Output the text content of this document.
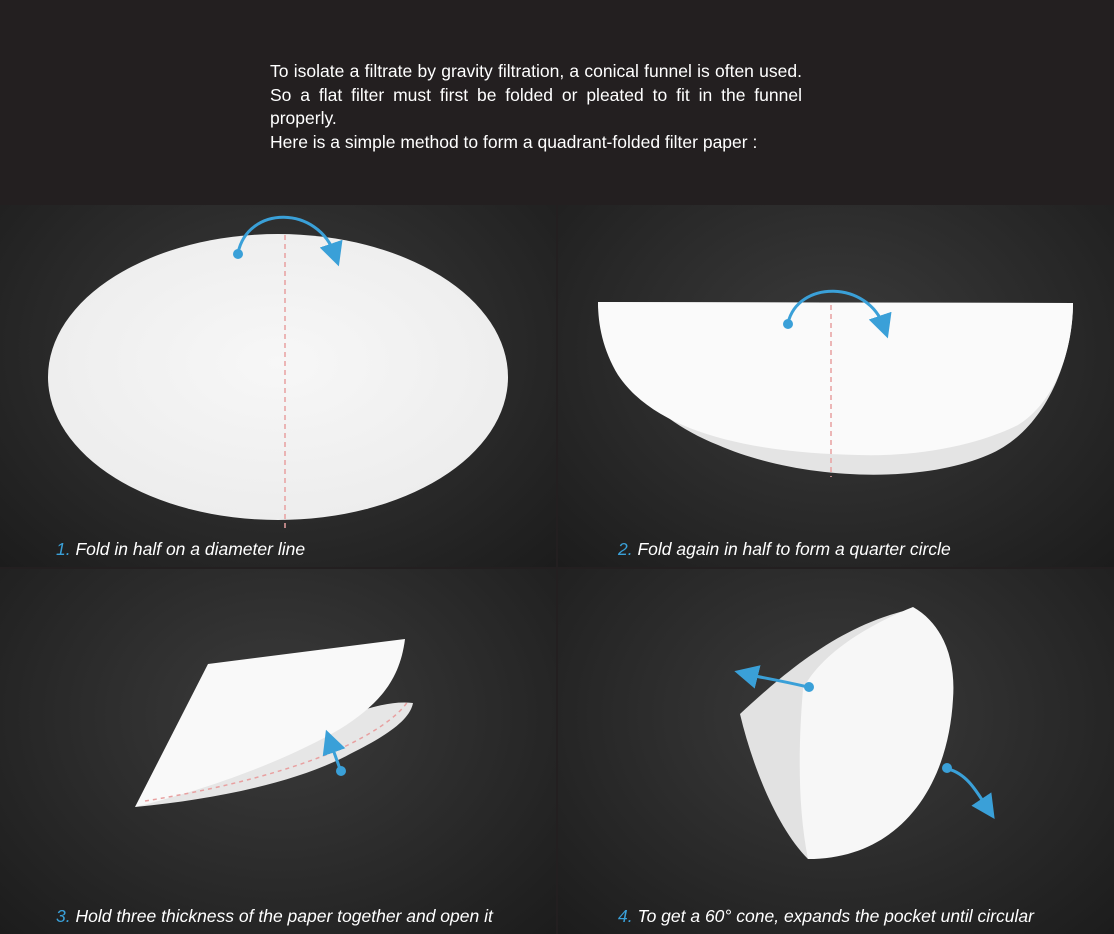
To isolate a filtrate by gravity filtration, a conical funnel is often used. So a flat filter must first be folded or pleated to fit in the funnel properly.

Here is a simple method to form a quadrant-folded filter paper :

1. Fold in half on a diameter line	2. Fold again in half to form a quarter circle
3. Hold three thickness of the paper together and open it	4. To get a 60° cone, expands the pocket until circular
